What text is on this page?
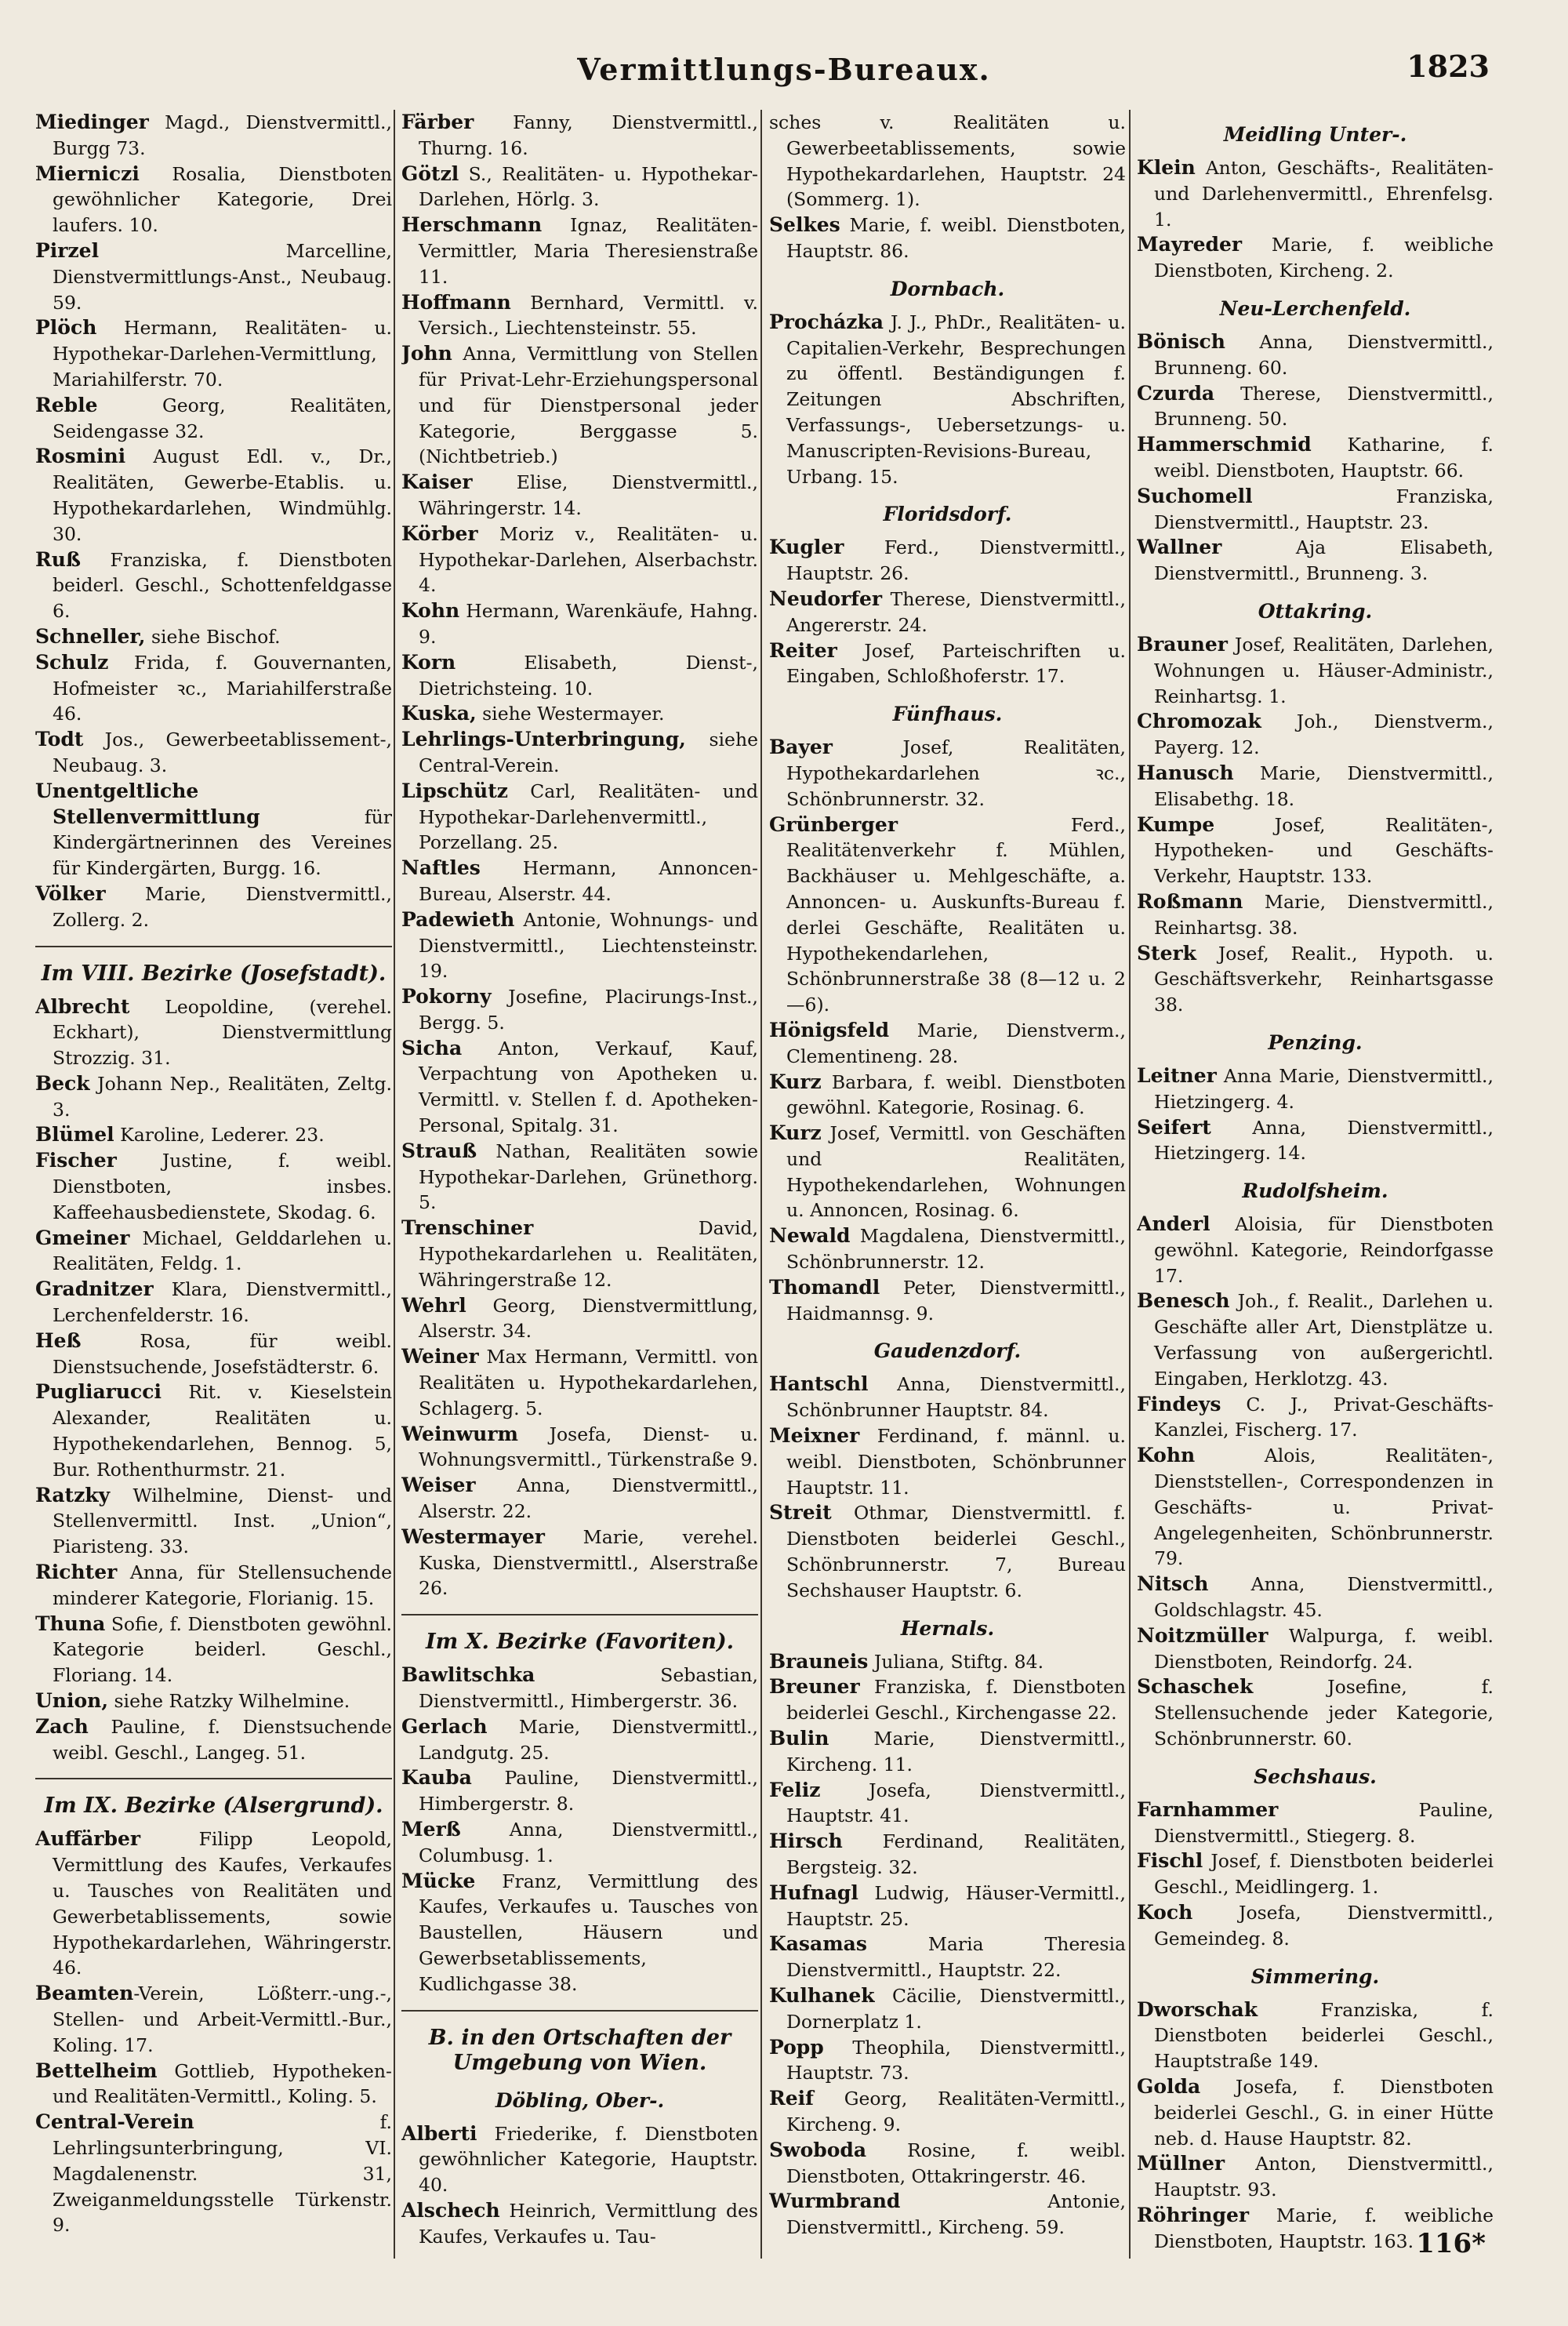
Vermittlungs-Bureaux.	1823

Miedinger Magd., Dienstvermittl., Burgg 73.

Mierniczi Rosalia, Dienstboten gewöhnlicher Kategorie, Drei laufers. 10.

Pirzel Marcelline, Dienstvermittlungs-Anst., Neubaug. 59.

Plöch Hermann, Realitäten- u. Hypothekar-Darlehen-Vermittlung, Mariahilferstr. 70.

Reble Georg, Realitäten, Seidengasse 32.

Rosmini August Edl. v., Dr., Realitäten, Gewerbe-Etablis. u. Hypothekardarlehen, Windmühlg. 30.

Ruß Franziska, f. Dienstboten beiderl. Geschl., Schottenfeldgasse 6.

Schneller, siehe Bischof.

Schulz Frida, f. Gouvernanten, Hofmeister ꝛc., Mariahilferstraße 46.

Todt Jos., Gewerbeetablissement-, Neubaug. 3.

Unentgeltliche Stellenvermittlung für Kindergärtnerinnen des Vereines für Kindergärten, Burgg. 16.

Völker Marie, Dienstvermittl., Zollerg. 2.

Im VIII. Bezirke (Josefstadt).

Albrecht Leopoldine, (verehel. Eckhart), Dienstvermittlung Strozzig. 31.

Beck Johann Nep., Realitäten, Zeltg. 3.

Blümel Karoline, Lederer. 23.

Fischer Justine, f. weibl. Dienstboten, insbes. Kaffeehausbedienstete, Skodag. 6.

Gmeiner Michael, Gelddarlehen u. Realitäten, Feldg. 1.

Gradnitzer Klara, Dienstvermittl., Lerchenfelderstr. 16.

Heß Rosa, für weibl. Dienstsuchende, Josefstädterstr. 6.

Pugliarucci Rit. v. Kieselstein Alexander, Realitäten u. Hypothekendarlehen, Bennog. 5, Bur. Rothenthurmstr. 21.

Ratzky Wilhelmine, Dienst- und Stellenvermittl. Inst. „Union“, Piaristeng. 33.

Richter Anna, für Stellensuchende minderer Kategorie, Florianig. 15.

Thuna Sofie, f. Dienstboten gewöhnl. Kategorie beiderl. Geschl., Floriang. 14.

Union, siehe Ratzky Wilhelmine.

Zach Pauline, f. Dienstsuchende weibl. Geschl., Langeg. 51.

Im IX. Bezirke (Alsergrund).

Auffärber Filipp Leopold, Vermittlung des Kaufes, Verkaufes u. Tausches von Realitäten und Gewerbetablissements, sowie Hypothekardarlehen, Währingerstr. 46.

Beamten-Verein, Lößterr.-ung.-, Stellen- und Arbeit-Vermittl.-Bur., Koling. 17.

Bettelheim Gottlieb, Hypotheken- und Realitäten-Vermittl., Koling. 5.

Central-Verein f. Lehrlingsunterbringung, VI. Magdalenenstr. 31, Zweiganmeldungsstelle Türkenstr. 9.

Färber Fanny, Dienstvermittl., Thurng. 16.

Götzl S., Realitäten- u. Hypothekar-Darlehen, Hörlg. 3.

Herschmann Ignaz, Realitäten-Vermittler, Maria Theresienstraße 11.

Hoffmann Bernhard, Vermittl. v. Versich., Liechtensteinstr. 55.

John Anna, Vermittlung von Stellen für Privat-Lehr-Erziehungspersonal und für Dienstpersonal jeder Kategorie, Berggasse 5. (Nichtbetrieb.)

Kaiser Elise, Dienstvermittl., Währingerstr. 14.

Körber Moriz v., Realitäten- u. Hypothekar-Darlehen, Alserbachstr. 4.

Kohn Hermann, Warenkäufe, Hahng. 9.

Korn Elisabeth, Dienst-, Dietrichsteing. 10.

Kuska, siehe Westermayer.

Lehrlings-Unterbringung, siehe Central-Verein.

Lipschütz Carl, Realitäten- und Hypothekar-Darlehenvermittl., Porzellang. 25.

Naftles Hermann, Annoncen-Bureau, Alserstr. 44.

Padewieth Antonie, Wohnungs- und Dienstvermittl., Liechtensteinstr. 19.

Pokorny Josefine, Placirungs-Inst., Bergg. 5.

Sicha Anton, Verkauf, Kauf, Verpachtung von Apotheken u. Vermittl. v. Stellen f. d. Apotheken-Personal, Spitalg. 31.

Strauß Nathan, Realitäten sowie Hypothekar-Darlehen, Grünethorg. 5.

Trenschiner David, Hypothekardarlehen u. Realitäten, Währingerstraße 12.

Wehrl Georg, Dienstvermittlung, Alserstr. 34.

Weiner Max Hermann, Vermittl. von Realitäten u. Hypothekardarlehen, Schlagerg. 5.

Weinwurm Josefa, Dienst- u. Wohnungsvermittl., Türkenstraße 9.

Weiser Anna, Dienstvermittl., Alserstr. 22.

Westermayer Marie, verehel. Kuska, Dienstvermittl., Alserstraße 26.

Im X. Bezirke (Favoriten).

Bawlitschka Sebastian, Dienstvermittl., Himbergerstr. 36.

Gerlach Marie, Dienstvermittl., Landgutg. 25.

Kauba Pauline, Dienstvermittl., Himbergerstr. 8.

Merß Anna, Dienstvermittl., Columbusg. 1.

Mücke Franz, Vermittlung des Kaufes, Verkaufes u. Tausches von Baustellen, Häusern und Gewerbsetablissements, Kudlichgasse 38.

B. in den Ortschaften der Umgebung von Wien.
Döbling, Ober-.

Alberti Friederike, f. Dienstboten gewöhnlicher Kategorie, Hauptstr. 40.

Alschech Heinrich, Vermittlung des Kaufes, Verkaufes u. Tau-

sches v. Realitäten u. Gewerbeetablissements, sowie Hypothekardarlehen, Hauptstr. 24 (Sommerg. 1).

Selkes Marie, f. weibl. Dienstboten, Hauptstr. 86.

Dornbach.

Procházka J. J., PhDr., Realitäten- u. Capitalien-Verkehr, Besprechungen zu öffentl. Beständigungen f. Zeitungen Abschriften, Verfassungs-, Uebersetzungs- u. Manuscripten-Revisions-Bureau, Urbang. 15.

Floridsdorf.

Kugler Ferd., Dienstvermittl., Hauptstr. 26.

Neudorfer Therese, Dienstvermittl., Angererstr. 24.

Reiter Josef, Parteischriften u. Eingaben, Schloßhoferstr. 17.

Fünfhaus.

Bayer Josef, Realitäten, Hypothekardarlehen ꝛc., Schönbrunnerstr. 32.

Grünberger Ferd., Realitätenverkehr f. Mühlen, Backhäuser u. Mehlgeschäfte, a. Annoncen- u. Auskunfts-Bureau f. derlei Geschäfte, Realitäten u. Hypothekendarlehen, Schönbrunnerstraße 38 (8—12 u. 2—6).

Hönigsfeld Marie, Dienstverm., Clementineng. 28.

Kurz Barbara, f. weibl. Dienstboten gewöhnl. Kategorie, Rosinag. 6.

Kurz Josef, Vermittl. von Geschäften und Realitäten, Hypothekendarlehen, Wohnungen u. Annoncen, Rosinag. 6.

Newald Magdalena, Dienstvermittl., Schönbrunnerstr. 12.

Thomandl Peter, Dienstvermittl., Haidmannsg. 9.

Gaudenzdorf.

Hantschl Anna, Dienstvermittl., Schönbrunner Hauptstr. 84.

Meixner Ferdinand, f. männl. u. weibl. Dienstboten, Schönbrunner Hauptstr. 11.

Streit Othmar, Dienstvermittl. f. Dienstboten beiderlei Geschl., Schönbrunnerstr. 7, Bureau Sechshauser Hauptstr. 6.

Hernals.

Brauneis Juliana, Stiftg. 84.

Breuner Franziska, f. Dienstboten beiderlei Geschl., Kirchengasse 22.

Bulin Marie, Dienstvermittl., Kircheng. 11.

Feliz Josefa, Dienstvermittl., Hauptstr. 41.

Hirsch Ferdinand, Realitäten, Bergsteig. 32.

Hufnagl Ludwig, Häuser-Vermittl., Hauptstr. 25.

Kasamas Maria Theresia Dienstvermittl., Hauptstr. 22.

Kulhanek Cäcilie, Dienstvermittl., Dornerplatz 1.

Popp Theophila, Dienstvermittl., Hauptstr. 73.

Reif Georg, Realitäten-Vermittl., Kircheng. 9.

Swoboda Rosine, f. weibl. Dienstboten, Ottakringerstr. 46.

Wurmbrand Antonie, Dienstvermittl., Kircheng. 59.

Meidling Unter-.

Klein Anton, Geschäfts-, Realitäten- und Darlehenvermittl., Ehrenfelsg. 1.

Mayreder Marie, f. weibliche Dienstboten, Kircheng. 2.

Neu-Lerchenfeld.

Bönisch Anna, Dienstvermittl., Brunneng. 60.

Czurda Therese, Dienstvermittl., Brunneng. 50.

Hammerschmid Katharine, f. weibl. Dienstboten, Hauptstr. 66.

Suchomell Franziska, Dienstvermittl., Hauptstr. 23.

Wallner Aja Elisabeth, Dienstvermittl., Brunneng. 3.

Ottakring.

Brauner Josef, Realitäten, Darlehen, Wohnungen u. Häuser-Administr., Reinhartsg. 1.

Chromozak Joh., Dienstverm., Payerg. 12.

Hanusch Marie, Dienstvermittl., Elisabethg. 18.

Kumpe Josef, Realitäten-, Hypotheken- und Geschäfts-Verkehr, Hauptstr. 133.

Roßmann Marie, Dienstvermittl., Reinhartsg. 38.

Sterk Josef, Realit., Hypoth. u. Geschäftsverkehr, Reinhartsgasse 38.

Penzing.

Leitner Anna Marie, Dienstvermittl., Hietzingerg. 4.

Seifert Anna, Dienstvermittl., Hietzingerg. 14.

Rudolfsheim.

Anderl Aloisia, für Dienstboten gewöhnl. Kategorie, Reindorfgasse 17.

Benesch Joh., f. Realit., Darlehen u. Geschäfte aller Art, Dienstplätze u. Verfassung von außergerichtl. Eingaben, Herklotzg. 43.

Findeys C. J., Privat-Geschäfts-Kanzlei, Fischerg. 17.

Kohn Alois, Realitäten-, Dienststellen-, Correspondenzen in Geschäfts- u. Privat-Angelegenheiten, Schönbrunnerstr. 79.

Nitsch Anna, Dienstvermittl., Goldschlagstr. 45.

Noitzmüller Walpurga, f. weibl. Dienstboten, Reindorfg. 24.

Schaschek Josefine, f. Stellensuchende jeder Kategorie, Schönbrunnerstr. 60.

Sechshaus.

Farnhammer Pauline, Dienstvermittl., Stiegerg. 8.

Fischl Josef, f. Dienstboten beiderlei Geschl., Meidlingerg. 1.

Koch Josefa, Dienstvermittl., Gemeindeg. 8.

Simmering.

Dworschak Franziska, f. Dienstboten beiderlei Geschl., Hauptstraße 149.

Golda Josefa, f. Dienstboten beiderlei Geschl., G. in einer Hütte neb. d. Hause Hauptstr. 82.

Müllner Anton, Dienstvermittl., Hauptstr. 93.

Röhringer Marie, f. weibliche Dienstboten, Hauptstr. 163. 116*
